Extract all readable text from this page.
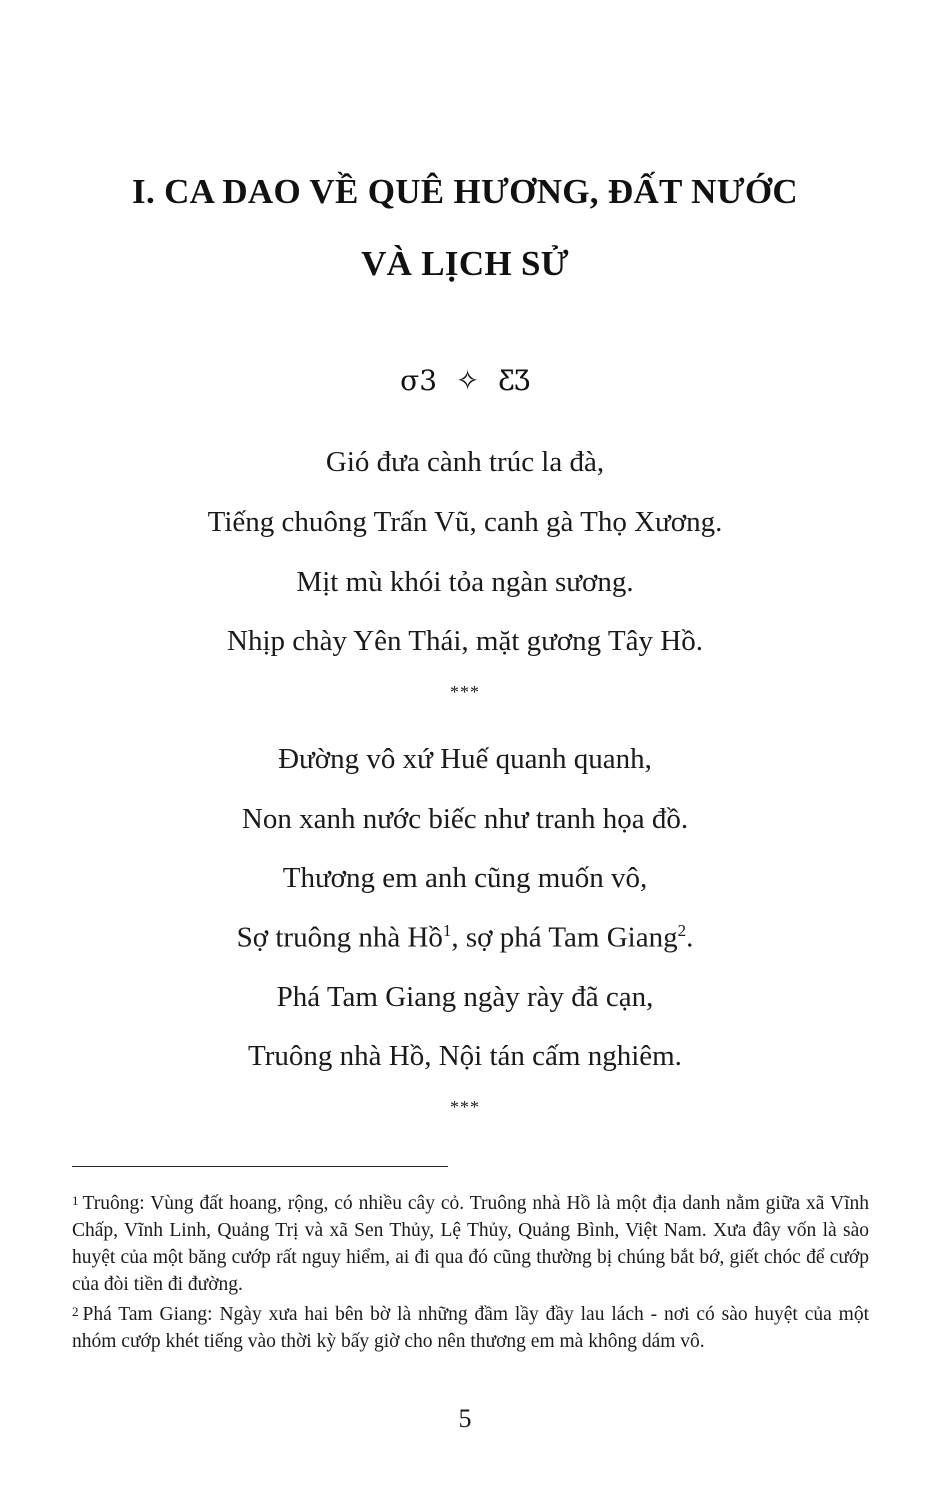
I. CA DAO VỀ QUÊ HƯƠNG, ĐẤT NƯỚC
VÀ LỊCH SỬ
σ3 ✧ ƸƷ
Gió đưa cành trúc la đà,
Tiếng chuông Trấn Vũ, canh gà Thọ Xương.
Mịt mù khói tỏa ngàn sương.
Nhịp chày Yên Thái, mặt gương Tây Hồ.
***
Đường vô xứ Huế quanh quanh,
Non xanh nước biếc như tranh họa đồ.
Thương em anh cũng muốn vô,
Sợ truông nhà Hồ$^1$, sợ phá Tam Giang$^2$.
Phá Tam Giang ngày rày đã cạn,
Truông nhà Hồ, Nội tán cấm nghiêm.
***

$^1$ Truông: Vùng đất hoang, rộng, có nhiều cây cỏ. Truông nhà Hồ là một địa danh nằm giữa xã Vĩnh Chấp, Vĩnh Linh, Quảng Trị và xã Sen Thủy, Lệ Thủy, Quảng Bình, Việt Nam. Xưa đây vốn là sào huyệt của một băng cướp rất nguy hiểm, ai đi qua đó cũng thường bị chúng bắt bớ, giết chóc để cướp của đòi tiền đi đường.

$^2$ Phá Tam Giang: Ngày xưa hai bên bờ là những đầm lầy đầy lau lách - nơi có sào huyệt của một nhóm cướp khét tiếng vào thời kỳ bấy giờ cho nên thương em mà không dám vô.

5
